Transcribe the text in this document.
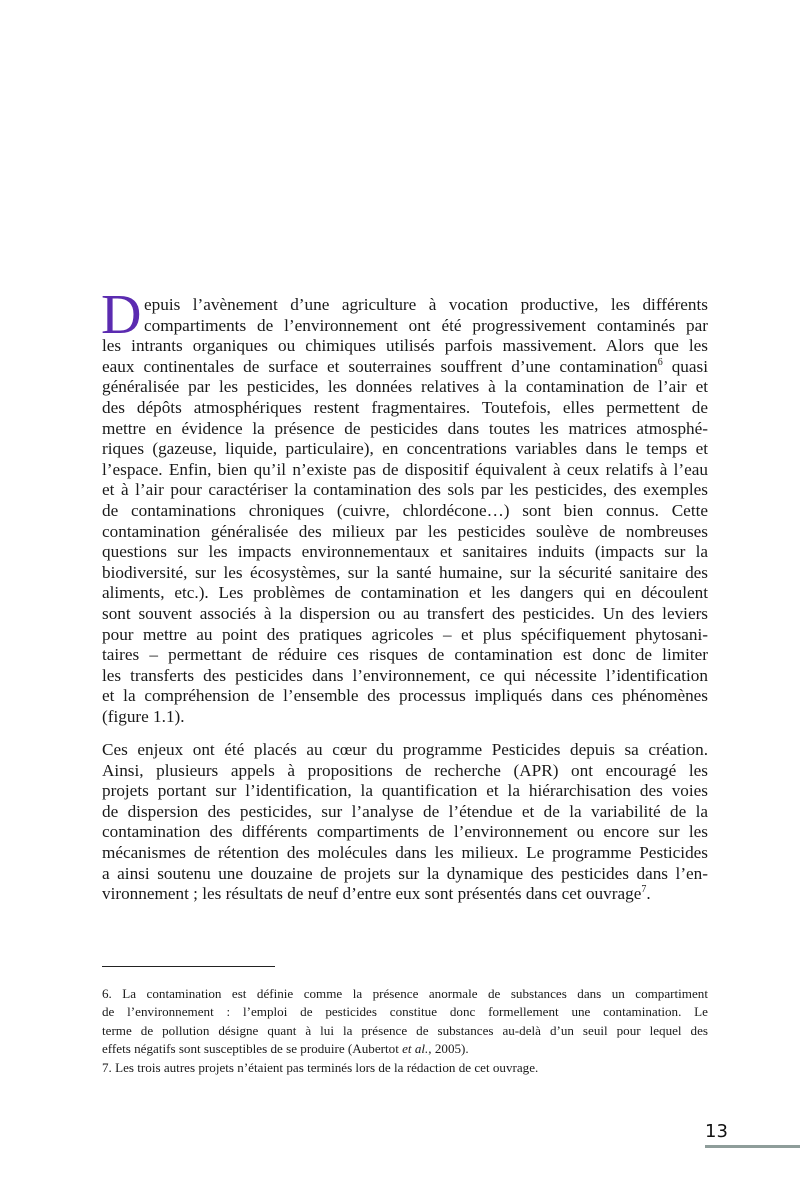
D epuis l’avènement d’une agriculture à vocation productive, les différents
compartiments de l’environnement ont été progressivement contaminés par
les intrants organiques ou chimiques utilisés parfois massivement. Alors que les
eaux continentales de surface et souterraines souffrent d’une contamination$^6$ quasi
généralisée par les pesticides, les données relatives à la contamination de l’air et
des dépôts atmosphériques restent fragmentaires. Toutefois, elles permettent de
mettre en évidence la présence de pesticides dans toutes les matrices atmosphé-
riques (gazeuse, liquide, particulaire), en concentrations variables dans le temps et
l’espace. Enfin, bien qu’il n’existe pas de dispositif équivalent à ceux relatifs à l’eau
et à l’air pour caractériser la contamination des sols par les pesticides, des exemples
de contaminations chroniques (cuivre, chlordécone…) sont bien connus. Cette
contamination généralisée des milieux par les pesticides soulève de nombreuses
questions sur les impacts environnementaux et sanitaires induits (impacts sur la
biodiversité, sur les écosystèmes, sur la santé humaine, sur la sécurité sanitaire des
aliments, etc.). Les problèmes de contamination et les dangers qui en découlent
sont souvent associés à la dispersion ou au transfert des pesticides. Un des leviers
pour mettre au point des pratiques agricoles – et plus spécifiquement phytosani-
taires – permettant de réduire ces risques de contamination est donc de limiter
les transferts des pesticides dans l’environnement, ce qui nécessite l’identification
et la compréhension de l’ensemble des processus impliqués dans ces phénomènes
(figure 1.1).
Ces enjeux ont été placés au cœur du programme Pesticides depuis sa création.
Ainsi, plusieurs appels à propositions de recherche (APR) ont encouragé les
projets portant sur l’identification, la quantification et la hiérarchisation des voies
de dispersion des pesticides, sur l’analyse de l’étendue et de la variabilité de la
contamination des différents compartiments de l’environnement ou encore sur les
mécanismes de rétention des molécules dans les milieux. Le programme Pesticides
a ainsi soutenu une douzaine de projets sur la dynamique des pesticides dans l’en-
vironnement ; les résultats de neuf d’entre eux sont présentés dans cet ouvrage$^7$.
6. La contamination est définie comme la présence anormale de substances dans un compartiment
de l’environnement : l’emploi de pesticides constitue donc formellement une contamination. Le
terme de pollution désigne quant à lui la présence de substances au-delà d’un seuil pour lequel des
effets négatifs sont susceptibles de se produire (Aubertot et al., 2005).
7. Les trois autres projets n’étaient pas terminés lors de la rédaction de cet ouvrage.
13
